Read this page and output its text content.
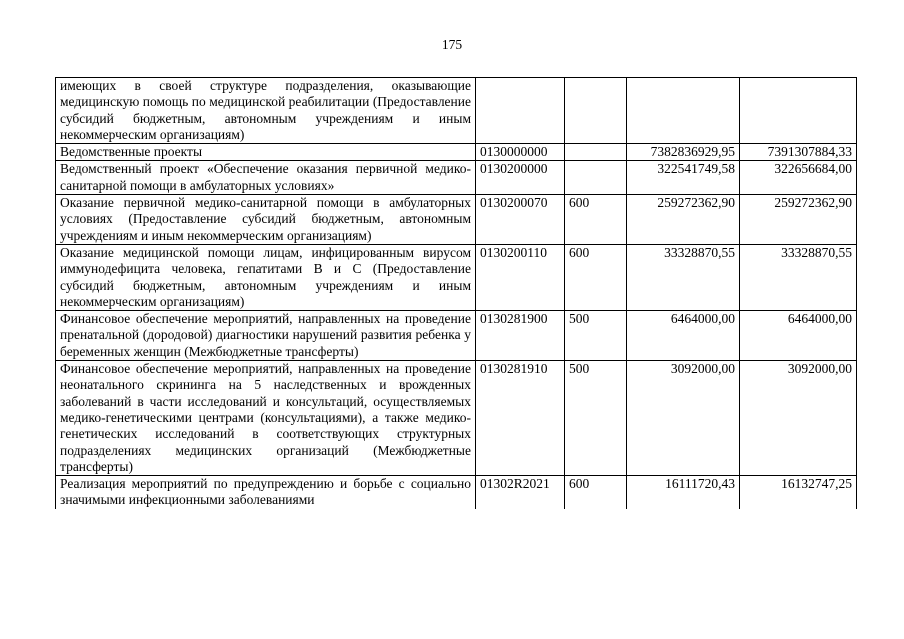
175
имеющих в своей структуре подразделения, оказывающие медицинскую помощь по медицинской реабилитации (Предоставление субсидий бюджетным, автономным учреждениям и иным некоммерческим организациям)				
Ведомственные проекты	0130000000		7382836929,95	7391307884,33
Ведомственный проект «Обеспечение оказания первичной медико-санитарной помощи в амбулаторных условиях»	0130200000		322541749,58	322656684,00
Оказание первичной медико-санитарной помощи в амбулаторных условиях (Предоставление субсидий бюджетным, автономным учреждениям и иным некоммерческим организациям)	0130200070	600	259272362,90	259272362,90
Оказание медицинской помощи лицам, инфицированным вирусом иммунодефицита человека, гепатитами B и C (Предоставление субсидий бюджетным, автономным учреждениям и иным некоммерческим организациям)	0130200110	600	33328870,55	33328870,55
Финансовое обеспечение мероприятий, направленных на проведение пренатальной (дородовой) диагностики нарушений развития ребенка у беременных женщин (Межбюджетные трансферты)	0130281900	500	6464000,00	6464000,00
Финансовое обеспечение мероприятий, направленных на проведение неонатального скрининга на 5 наследственных и врожденных заболеваний в части исследований и консультаций, осуществляемых медико-генетическими центрами (консультациями), а также медико-генетических исследований в соответствующих структурных подразделениях медицинских организаций (Межбюджетные трансферты)	0130281910	500	3092000,00	3092000,00
Реализация мероприятий по предупреждению и борьбе с социально значимыми инфекционными заболеваниями	01302R2021	600	16111720,43	16132747,25
